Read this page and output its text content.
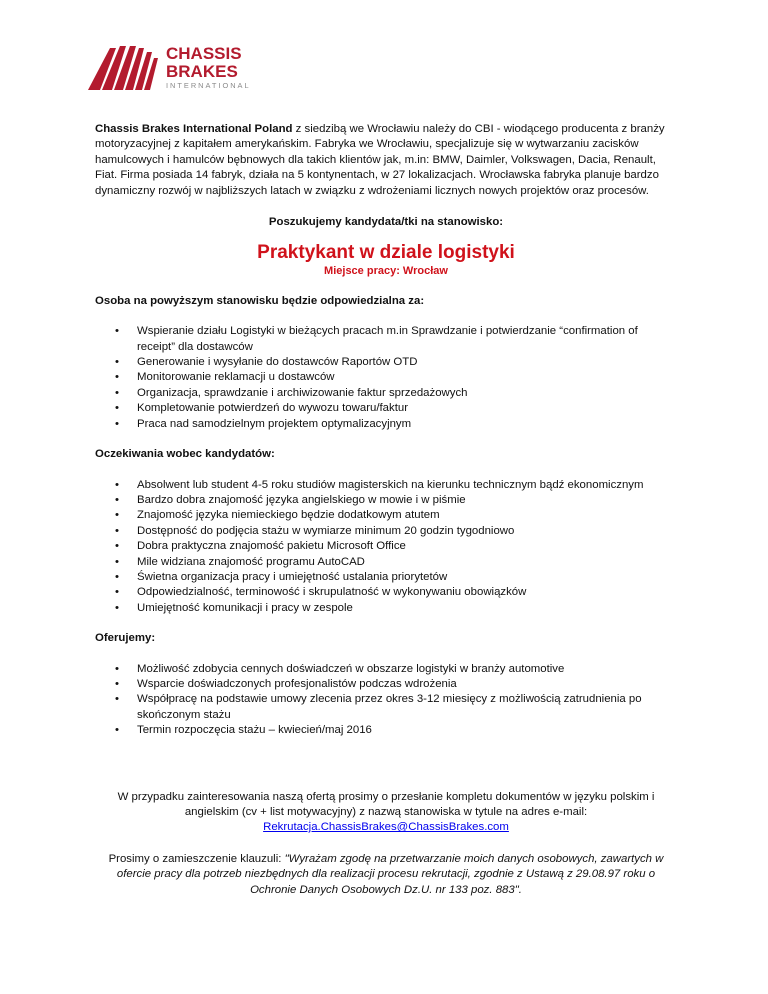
CHASSIS
BRAKES
INTERNATIONAL

Chassis Brakes International Poland z siedzibą we Wrocławiu należy do CBI - wiodącego producenta z branży motoryzacyjnej z kapitałem amerykańskim. Fabryka we Wrocławiu, specjalizuje się w wytwarzaniu zacisków hamulcowych i hamulców bębnowych dla takich klientów jak, m.in: BMW, Daimler, Volkswagen, Dacia, Renault, Fiat. Firma posiada 14 fabryk, działa na 5 kontynentach, w 27 lokalizacjach. Wrocławska fabryka planuje bardzo dynamiczny rozwój w najbliższych latach w związku z wdrożeniami licznych nowych projektów oraz procesów.

Poszukujemy kandydata/tki na stanowisko:

Praktykant w dziale logistyki

Miejsce pracy: Wrocław

Osoba na powyższym stanowisku będzie odpowiedzialna za:

• Wspieranie działu Logistyki w bieżących pracach m.in Sprawdzanie i potwierdzanie “confirmation of receipt” dla dostawców
• Generowanie i wysyłanie do dostawców Raportów OTD
• Monitorowanie reklamacji u dostawców
• Organizacja, sprawdzanie i archiwizowanie faktur sprzedażowych
• Kompletowanie potwierdzeń do wywozu towaru/faktur
• Praca nad samodzielnym projektem optymalizacyjnym

Oczekiwania wobec kandydatów:

• Absolwent lub student 4-5 roku studiów magisterskich na kierunku technicznym bądź ekonomicznym
• Bardzo dobra znajomość języka angielskiego w mowie i w piśmie
• Znajomość języka niemieckiego będzie dodatkowym atutem
• Dostępność do podjęcia stażu w wymiarze minimum 20 godzin tygodniowo
• Dobra praktyczna znajomość pakietu Microsoft Office
• Mile widziana znajomość programu AutoCAD
• Świetna organizacja pracy i umiejętność ustalania priorytetów
• Odpowiedzialność, terminowość i skrupulatność w wykonywaniu obowiązków
• Umiejętność komunikacji i pracy w zespole

Oferujemy:

• Możliwość zdobycia cennych doświadczeń w obszarze logistyki w branży automotive
• Wsparcie doświadczonych profesjonalistów podczas wdrożenia
• Współpracę na podstawie umowy zlecenia przez okres 3-12 miesięcy z możliwością zatrudnienia po skończonym stażu
• Termin rozpoczęcia stażu – kwiecień/maj 2016

W przypadku zainteresowania naszą ofertą prosimy o przesłanie kompletu dokumentów w języku polskim i angielskim (cv + list motywacyjny) z nazwą stanowiska w tytule na adres e-mail:
Rekrutacja.ChassisBrakes@ChassisBrakes.com

Prosimy o zamieszczenie klauzuli: "Wyrażam zgodę na przetwarzanie moich danych osobowych, zawartych w ofercie pracy dla potrzeb niezbędnych dla realizacji procesu rekrutacji, zgodnie z Ustawą z 29.08.97 roku o Ochronie Danych Osobowych Dz.U. nr 133 poz. 883".
